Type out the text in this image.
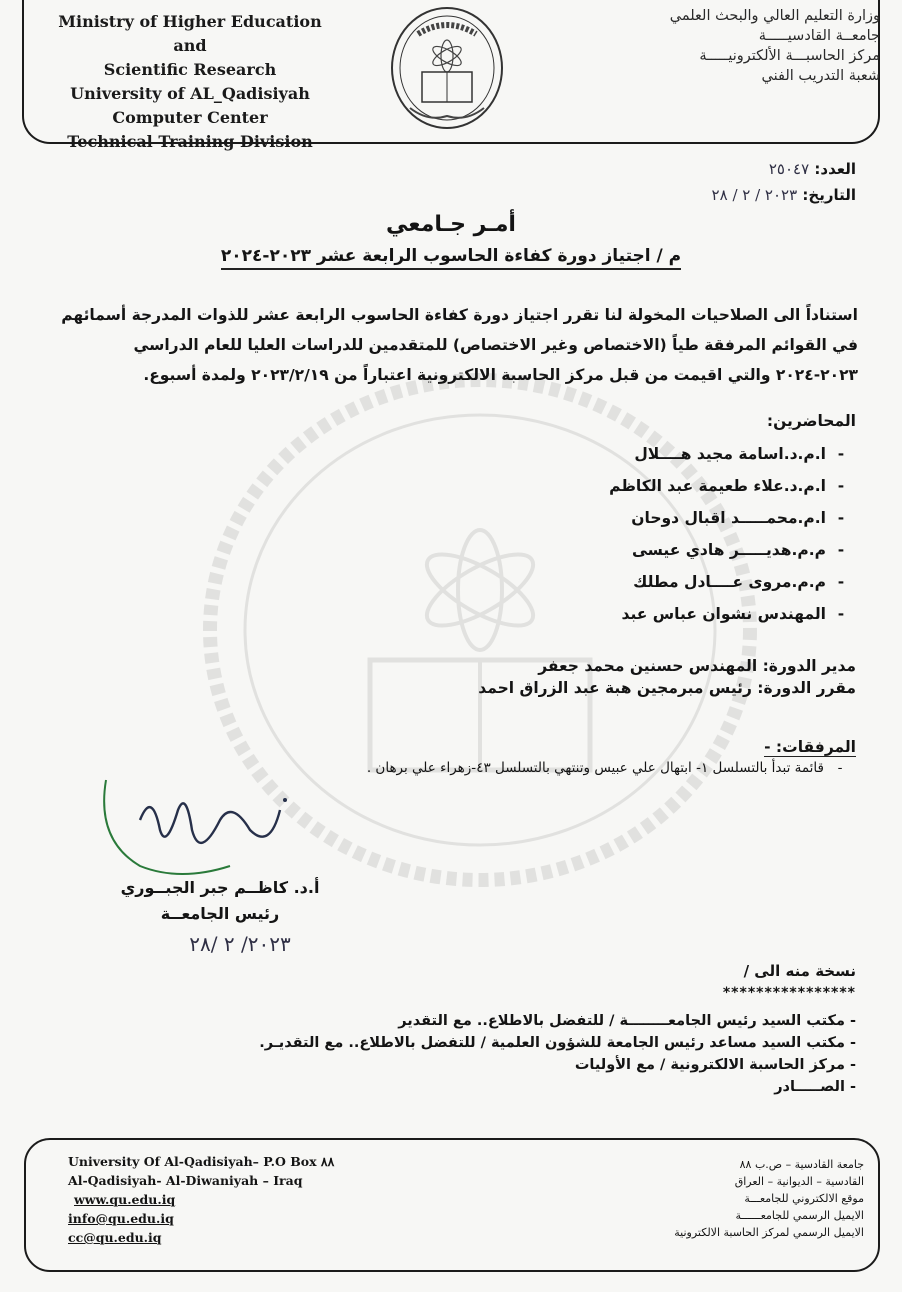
Ministry of Higher Education and
Scientific Research
University of AL_Qadisiyah
Computer Center
Technical Training Division
وزارة التعليم العالي والبحث العلمي
جامعــة القادسيـــــة
مركز الحاسبـــة الألكترونيـــــة
شعبة التدريب الفني
العدد: ٢٥٠٤٧
التاريخ: ٢٠٢٣ / ٢ / ٢٨
أمـر جـامعي
م / اجتياز دورة كفاءة الحاسوب الرابعة عشر ٢٠٢٣-٢٠٢٤
استناداً الى الصلاحيات المخولة لنا تقرر اجتياز دورة كفاءة الحاسوب الرابعة عشر للذوات المدرجة أسمائهم في القوائم المرفقة طياً (الاختصاص وغير الاختصاص) للمتقدمين للدراسات العليا للعام الدراسي ٢٠٢٣-٢٠٢٤ والتي اقيمت من قبل مركز الحاسبة الالكترونية اعتباراً من ٢٠٢٣/٢/١٩ ولمدة أسبوع.
المحاضرين:
-
ا.م.د.اسامة مجيد هــــلال
-
ا.م.د.علاء طعيمة عبد الكاظم
-
ا.م.محمـــــد اقبال دوحان
-
م.م.هديـــــر هادي عيسى
-
م.م.مروى عــــادل مطلك
-
المهندس نشوان عباس عبد
مدير الدورة: المهندس حسنين محمد جعفر
مقرر الدورة: رئيس مبرمجين هبة عبد الزراق احمد
المرفقات: -
-
قائمة تبدأ بالتسلسل ١- ابتهال علي عبيس وتنتهي بالتسلسل ٤٣-زهراء علي برهان .
أ.د. كاظــم جبر الجبــوري
رئيس الجامعــة
٢٠٢٣/ ٢ /٢٨
نسخة منه الى /
****************
- مكتب السيد رئيس الجامعــــــــة / للتفضل بالاطلاع.. مع التقدير
- مكتب السيد مساعد رئيس الجامعة للشؤون العلمية / للتفضل بالاطلاع.. مع التقديـر.
- مركز الحاسبة الالكترونية / مع الأوليات
- الصـــــادر
University Of Al-Qadisiyah– P.O Box ٨٨
Al-Qadisiyah- Al-Diwaniyah – Iraq
www.qu.edu.iq
info@qu.edu.iq
cc@qu.edu.iq
جامعة القادسية – ص.ب ٨٨
القادسية – الديوانية – العراق
موقع الالكتروني للجامعـــة
الايميل الرسمي للجامعــــــة
الايميل الرسمي لمركز الحاسبة الالكترونية
